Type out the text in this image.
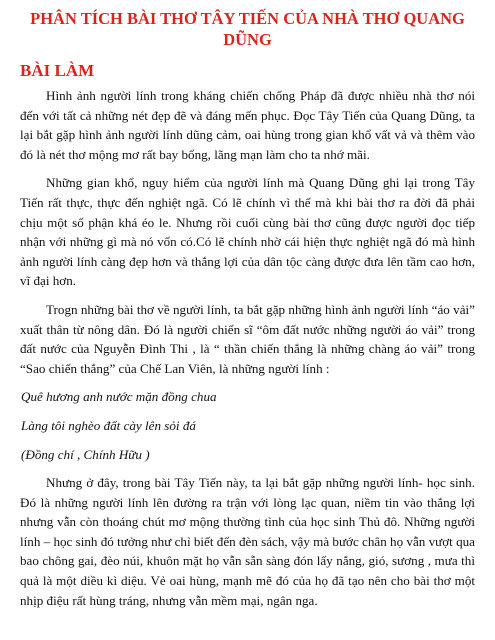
PHÂN TÍCH BÀI THƠ TÂY TIẾN CỦA NHÀ THƠ QUANG DŨNG
BÀI LÀM

Hình ảnh người lính trong kháng chiến chống Pháp đã được nhiều nhà thơ nói đến với tất cả những nét đẹp đẽ và đáng mến phục. Đọc Tây Tiến của Quang Dũng, ta lại bắt gặp hình ảnh người lính dũng cảm, oai hùng trong gian khổ vất vả và thêm vào đó là nét thơ mộng mơ rất bay bổng, lãng mạn làm cho ta nhớ mãi.

Những gian khổ, nguy hiểm của người lính mà Quang Dũng ghi lại trong Tây Tiến rất thực, thực đến nghiệt ngã. Có lẽ chính vì thế mà khi bài thơ ra đời đã phải chịu một số phận khá éo le. Nhưng rồi cuối cùng bài thơ cũng được người đọc tiếp nhận với những gì mà nó vốn có.Có lẽ chính nhờ cái hiện thực nghiệt ngã đó mà hình ảnh người lính càng đẹp hơn và thắng lợi của dân tộc càng được đưa lên tầm cao hơn, vĩ đại hơn.

Trogn những bài thơ về người lính, ta bắt gặp những hình ảnh người lính “áo vải” xuất thân từ nông dân. Đó là người chiến sĩ “ôm đất nước những người áo vải” trong đất nước của Nguyễn Đình Thi , là “ thần chiến thắng là những chàng áo vải” trong “Sao chiến thắng” của Chế Lan Viên, là những người lính :

Quê hương anh nước mặn đồng chua

Làng tôi nghèo đất cày lên sỏi đá

(Đồng chí , Chính Hữu )

Nhưng ở đây, trong bài Tây Tiến này, ta lại bắt gặp những người lính- học sinh. Đó là những người lính lên đường ra trận với lòng lạc quan, niềm tin vào thắng lợi nhưng vẫn còn thoáng chút mơ mộng thường tình của học sinh Thủ đô. Những người lính – học sinh đó tưởng như chỉ biết đến đèn sách, vậy mà bước chân họ vẫn vượt qua bao chông gai, đèo núi, khuôn mặt họ vẫn sẵn sàng đón lấy nắng, gió, sương , mưa thì quả là một diều kì diệu. Vẻ oai hùng, mạnh mẽ đó của họ đã tạo nên cho bài thơ một nhịp điệu rất hùng tráng, nhưng vẫn mềm mại, ngân nga.
